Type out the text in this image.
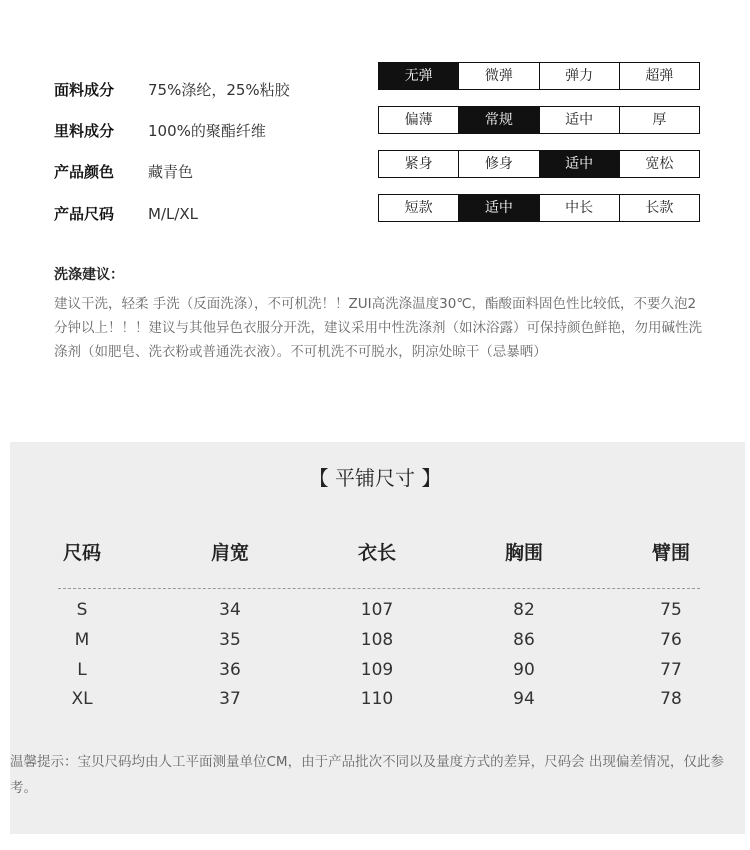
面料成分 75%涤纶，25%粘胶
里料成分 100%的聚酯纤维
产品颜色 藏青色
产品尺码 M/L/XL
无弹	微弹	弹力	超弹
偏薄	常规	适中	厚
紧身	修身	适中	宽松
短款	适中	中长	长款
洗涤建议：
建议干洗，轻柔 手洗（反面洗涤），不可机洗！！ZUI高洗涤温度30℃，酯酸面料固色性比较低，不要久泡2分钟以上！！！建议与其他异色衣服分开洗，建议采用中性洗涤剂（如沐浴露）可保持颜色鲜艳，勿用碱性洗涤剂（如肥皂、洗衣粉或普通洗衣液）。不可机洗不可脱水，阴凉处晾干（忌暴晒）
【 平铺尺寸 】
尺码	肩宽	衣长	胸围	臂围
S	34	107	82	75
M	35	108	86	76
L	36	109	90	77
XL	37	110	94	78
温馨提示：宝贝尺码均由人工平面测量单位CM，由于产品批次不同以及量度方式的差异，尺码会 出现偏差情况，仅此参考。
